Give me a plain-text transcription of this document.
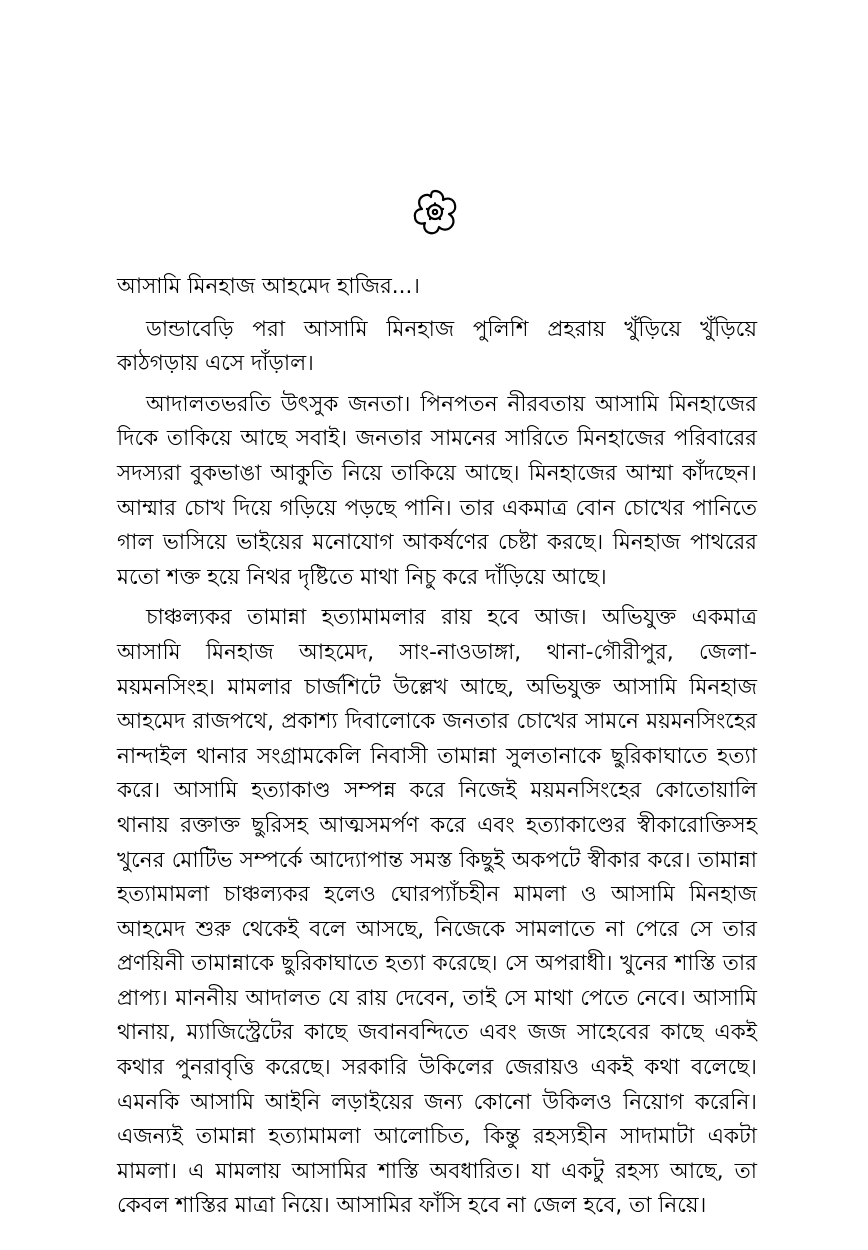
আসামি মিনহাজ আহমেদ হাজির...।

ডান্ডাবেড়ি পরা আসামি মিনহাজ পুলিশি প্রহরায় খুঁড়িয়ে খুঁড়িয়ে কাঠগড়ায় এসে দাঁড়াল।

আদালতভরতি উৎসুক জনতা। পিনপতন নীরবতায় আসামি মিনহাজের দিকে তাকিয়ে আছে সবাই। জনতার সামনের সারিতে মিনহাজের পরিবারের সদস্যরা বুকভাঙা আকুতি নিয়ে তাকিয়ে আছে। মিনহাজের আম্মা কাঁদছেন। আম্মার চোখ দিয়ে গড়িয়ে পড়ছে পানি। তার একমাত্র বোন চোখের পানিতে গাল ভাসিয়ে ভাইয়ের মনোযোগ আকর্ষণের চেষ্টা করছে। মিনহাজ পাথরের মতো শক্ত হয়ে নিথর দৃষ্টিতে মাথা নিচু করে দাঁড়িয়ে আছে।

চাঞ্চল্যকর তামান্না হত্যামামলার রায় হবে আজ। অভিযুক্ত একমাত্র আসামি মিনহাজ আহমেদ, সাং-নাওডাঙ্গা, থানা-গৌরীপুর, জেলা-ময়মনসিংহ। মামলার চার্জশিটে উল্লেখ আছে, অভিযুক্ত আসামি মিনহাজ আহমেদ রাজপথে, প্রকাশ্য দিবালোকে জনতার চোখের সামনে ময়মনসিংহের নান্দাইল থানার সংগ্রামকেলি নিবাসী তামান্না সুলতানাকে ছুরিকাঘাতে হত্যা করে। আসামি হত্যাকাণ্ড সম্পন্ন করে নিজেই ময়মনসিংহের কোতোয়ালি থানায় রক্তাক্ত ছুরিসহ আত্মসমর্পণ করে এবং হত্যাকাণ্ডের স্বীকারোক্তিসহ খুনের মোটিভ সম্পর্কে আদ্যোপান্ত সমস্ত কিছুই অকপটে স্বীকার করে। তামান্না হত্যামামলা চাঞ্চল্যকর হলেও ঘোরপ্যাঁচহীন মামলা ও আসামি মিনহাজ আহমেদ শুরু থেকেই বলে আসছে, নিজেকে সামলাতে না পেরে সে তার প্রণয়িনী তামান্নাকে ছুরিকাঘাতে হত্যা করেছে। সে অপরাধী। খুনের শাস্তি তার প্রাপ্য। মাননীয় আদালত যে রায় দেবেন, তাই সে মাথা পেতে নেবে। আসামি থানায়, ম্যাজিস্ট্রেটের কাছে জবানবন্দিতে এবং জজ সাহেবের কাছে একই কথার পুনরাবৃত্তি করেছে। সরকারি উকিলের জেরায়ও একই কথা বলেছে। এমনকি আসামি আইনি লড়াইয়ের জন্য কোনো উকিলও নিয়োগ করেনি। এজন্যই তামান্না হত্যামামলা আলোচিত, কিন্তু রহস্যহীন সাদামাটা একটা মামলা। এ মামলায় আসামির শাস্তি অবধারিত। যা একটু রহস্য আছে, তা কেবল শাস্তির মাত্রা নিয়ে। আসামির ফাঁসি হবে না জেল হবে, তা নিয়ে।
